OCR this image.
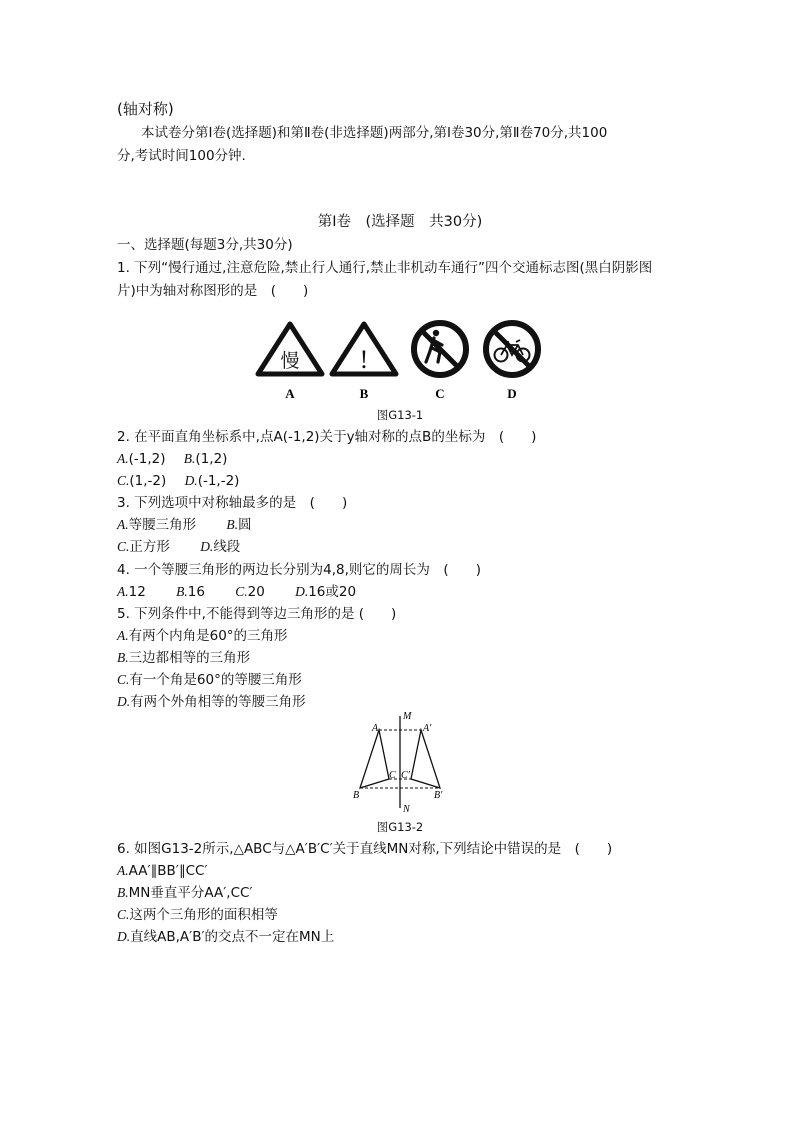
(轴对称)
本试卷分第Ⅰ卷(选择题)和第Ⅱ卷(非选择题)两部分,第Ⅰ卷30分,第Ⅱ卷70分,共100
分,考试时间100分钟.
第Ⅰ卷　(选择题　共30分)
一、选择题(每题3分,共30分)
1. 下列“慢行通过,注意危险,禁止行人通行,禁止非机动车通行”四个交通标志图(黑白阴影图
片)中为轴对称图形的是　(　　)
慢 !
A	B	C	D
图G13-1
2. 在平面直角坐标系中,点A(-1,2)关于y轴对称的点B的坐标为　(　　)
A.(-1,2) B.(1,2)
C.(1,-2) D.(-1,-2)
3. 下列选项中对称轴最多的是　(　　)
A.等腰三角形 B.圆
C.正方形 D.线段
4. 一个等腰三角形的两边长分别为4,8,则它的周长为　(　　)
A.12 B.16 C.20 D.16或20
5. 下列条件中,不能得到等边三角形的是 (　　)
A.有两个内角是60°的三角形
B.三边都相等的三角形
C.有一个角是60°的等腰三角形
D.有两个外角相等的等腰三角形
M
N
A	A′
B	B′
C C′
图G13-2
6. 如图G13-2所示,△ABC与△A′B′C′关于直线MN对称,下列结论中错误的是　(　　)
A.AA′∥BB′∥CC′
B.MN垂直平分AA′,CC′
C.这两个三角形的面积相等
D.直线AB,A′B′的交点不一定在MN上
